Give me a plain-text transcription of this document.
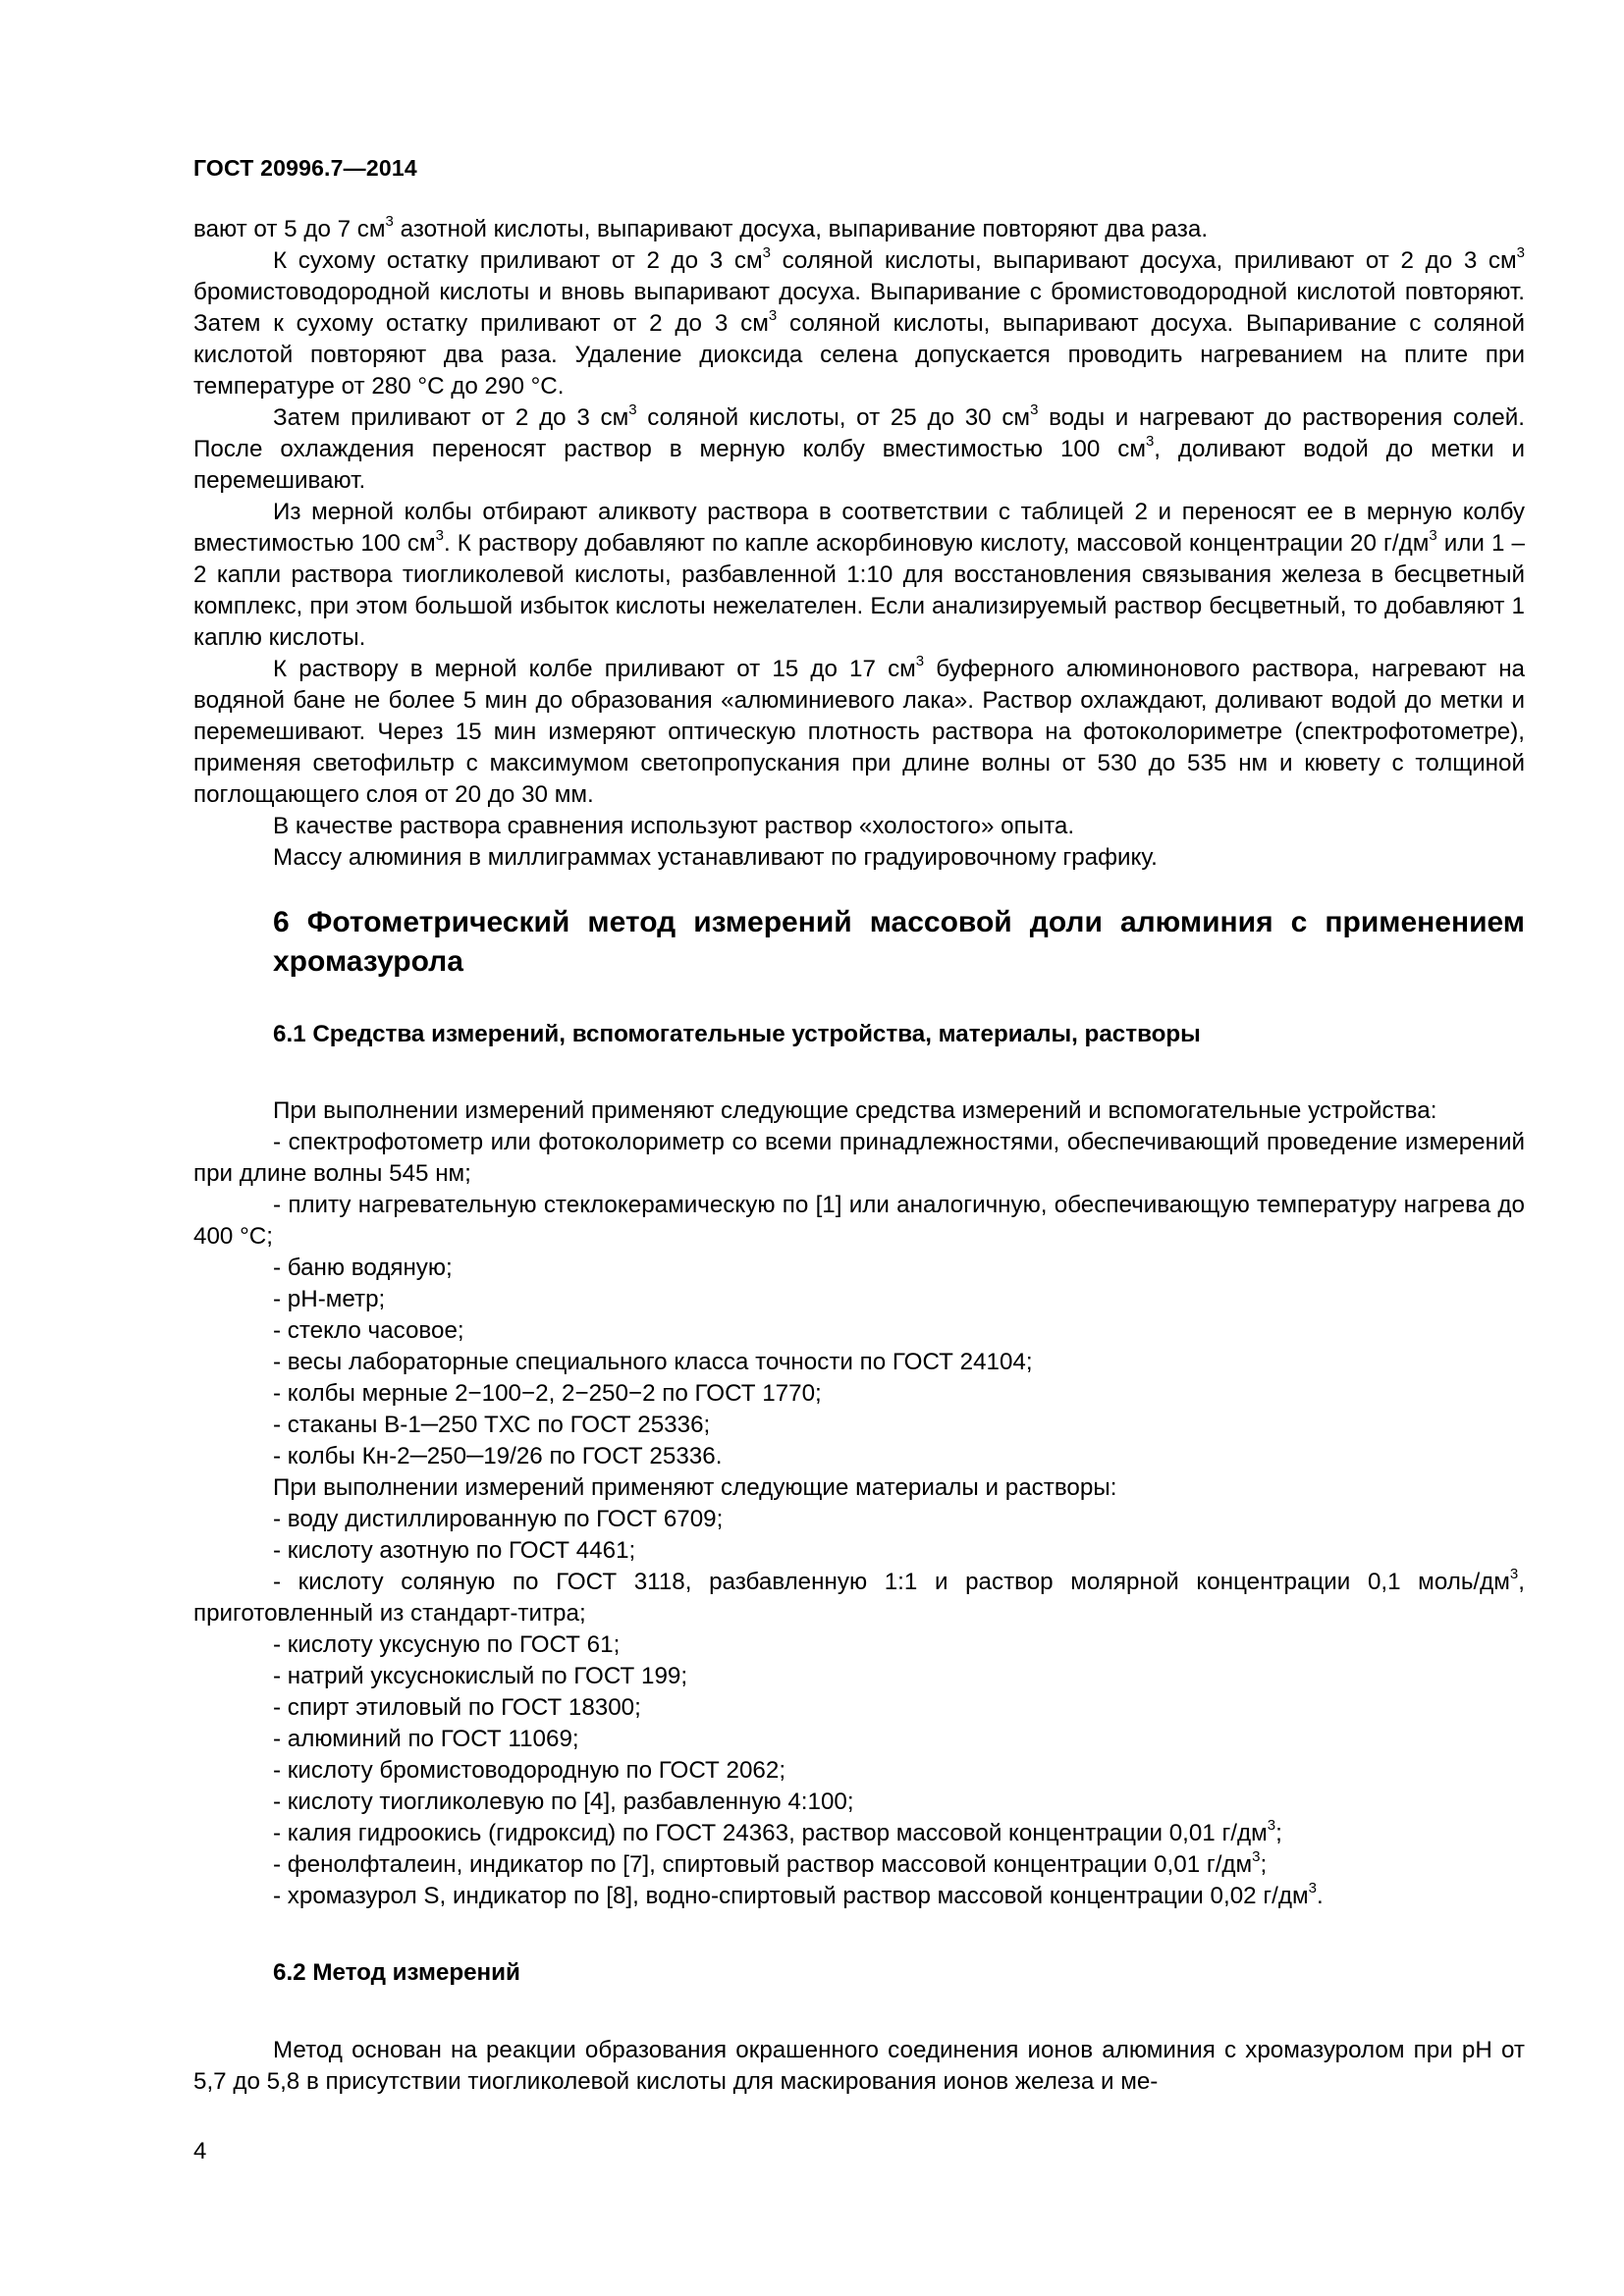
ГОСТ 20996.7—2014

вают от 5 до 7 $см^3$ азотной кислоты, выпаривают досуха, выпаривание повторяют два раза.

К сухому остатку приливают от 2 до 3 $см^3$ соляной кислоты, выпаривают досуха, приливают от 2 до 3 $см^3$ бромистоводородной кислоты и вновь выпаривают досуха. Выпаривание с бромистоводородной кислотой повторяют. Затем к сухому остатку приливают от 2 до 3 $см^3$ соляной кислоты, выпаривают досуха. Выпаривание с соляной кислотой повторяют два раза. Удаление диоксида селена допускается проводить нагреванием на плите при температуре от 280 °С до 290 °С.

Затем приливают от 2 до 3 $см^3$ соляной кислоты, от 25 до 30 $см^3$ воды и нагревают до растворения солей. После охлаждения переносят раствор в мерную колбу вместимостью 100 $см^3$, доливают водой до метки и перемешивают.

Из мерной колбы отбирают аликвоту раствора в соответствии с таблицей 2 и переносят ее в мерную колбу вместимостью 100 $см^3$. К раствору добавляют по капле аскорбиновую кислоту, массовой концентрации 20 $г/дм^3$ или 1 – 2 капли раствора тиогликолевой кислоты, разбавленной 1:10 для восстановления связывания железа в бесцветный комплекс, при этом большой избыток кислоты нежелателен. Если анализируемый раствор бесцветный, то добавляют 1 каплю кислоты.

К раствору в мерной колбе приливают от 15 до 17 $см^3$ буферного алюминонового раствора, нагревают на водяной бане не более 5 мин до образования «алюминиевого лака». Раствор охлаждают, доливают водой до метки и перемешивают. Через 15 мин измеряют оптическую плотность раствора на фотоколориметре (спектрофотометре), применяя светофильтр с максимумом светопропускания при длине волны от 530 до 535 нм и кювету с толщиной поглощающего слоя от 20 до 30 мм.

В качестве раствора сравнения используют раствор «холостого» опыта.

Массу алюминия в миллиграммах устанавливают по градуировочному графику.

6 Фотометрический метод измерений массовой доли алюминия с применением хромазурола
6.1 Средства измерений, вспомогательные устройства, материалы, растворы

При выполнении измерений применяют следующие средства измерений и вспомогательные устройства:

- спектрофотометр или фотоколориметр со всеми принадлежностями, обеспечивающий проведение измерений при длине волны 545 нм;

- плиту нагревательную стеклокерамическую по [1] или аналогичную, обеспечивающую температуру нагрева до 400 °С;

- баню водяную;

- рН-метр;

- стекло часовое;

- весы лабораторные специального класса точности по ГОСТ 24104;

- колбы мерные 2−100−2, 2−250−2 по ГОСТ 1770;

- стаканы В-1─250 ТХС по ГОСТ 25336;

- колбы Кн-2─250─19/26 по ГОСТ 25336.

При выполнении измерений применяют следующие материалы и растворы:

- воду дистиллированную по ГОСТ 6709;

- кислоту азотную по ГОСТ 4461;

- кислоту соляную по ГОСТ 3118, разбавленную 1:1 и раствор молярной концентрации 0,1 моль/$дм^3$, приготовленный из стандарт-титра;

- кислоту уксусную по ГОСТ 61;

- натрий уксуснокислый по ГОСТ 199;

- спирт этиловый по ГОСТ 18300;

- алюминий по ГОСТ 11069;

- кислоту бромистоводородную по ГОСТ 2062;

- кислоту тиогликолевую по [4], разбавленную 4:100;

- калия гидроокись (гидроксид) по ГОСТ 24363, раствор массовой концентрации 0,01 $г/дм^3$;

- фенолфталеин, индикатор по [7], спиртовый раствор массовой концентрации 0,01 $г/дм^3$;

- хромазурол S, индикатор по [8], водно-спиртовый раствор массовой концентрации 0,02 $г/дм^3$.

6.2 Метод измерений

Метод основан на реакции образования окрашенного соединения ионов алюминия с хромазуролом при рН от 5,7 до 5,8 в присутствии тиогликолевой кислоты для маскирования ионов железа и ме-

4
